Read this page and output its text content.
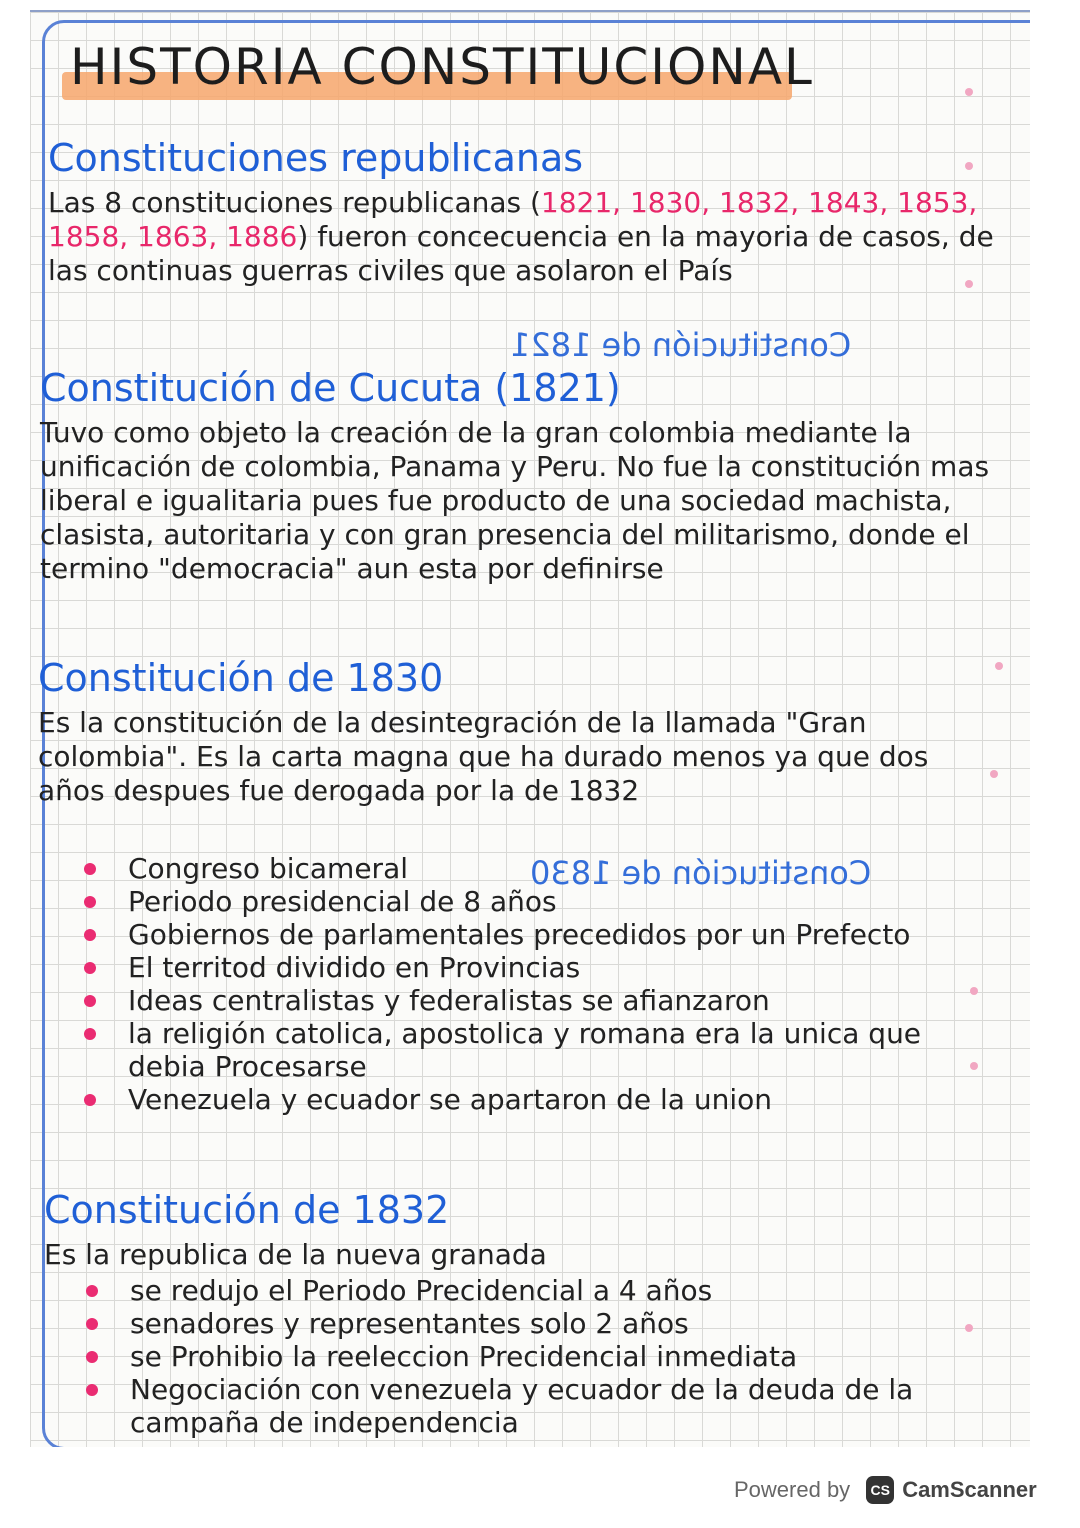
HISTORIA CONSTITUCIONAL
Constituciones republicanas

Las 8 constituciones republicanas (1821, 1830, 1832, 1843, 1853, 1858, 1863, 1886) fueron concecuencia en la mayoria de casos, de las continuas guerras civiles que asolaron el País

Constitución de 1821
Constitución de Cucuta (1821)

Tuvo como objeto la creación de la gran colombia mediante la unificación de colombia, Panama y Peru. No fue la constitución mas liberal e igualitaria pues fue producto de una sociedad machista, clasista, autoritaria y con gran presencia del militarismo, donde el termino "democracia" aun esta por definirse

Constitución de 1830

Es la constitución de la desintegración de la llamada "Gran colombia". Es la carta magna que ha durado menos ya que dos años despues fue derogada por la de 1832

Constitución de 1830
Congreso bicameral
Periodo presidencial de 8 años
Gobiernos de parlamentales precedidos por un Prefecto
El territod dividido en Provincias
Ideas centralistas y federalistas se afianzaron
la religión catolica, apostolica y romana era la unica que debia Procesarse
Venezuela y ecuador se apartaron de la union
Constitución de 1832

Es la republica de la nueva granada

se redujo el Periodo Precidencial a 4 años
senadores y representantes solo 2 años
se Prohibio la reeleccion Precidencial inmediata
Negociación con venezuela y ecuador de la deuda de la campaña de independencia
Powered by	CS CamScanner
